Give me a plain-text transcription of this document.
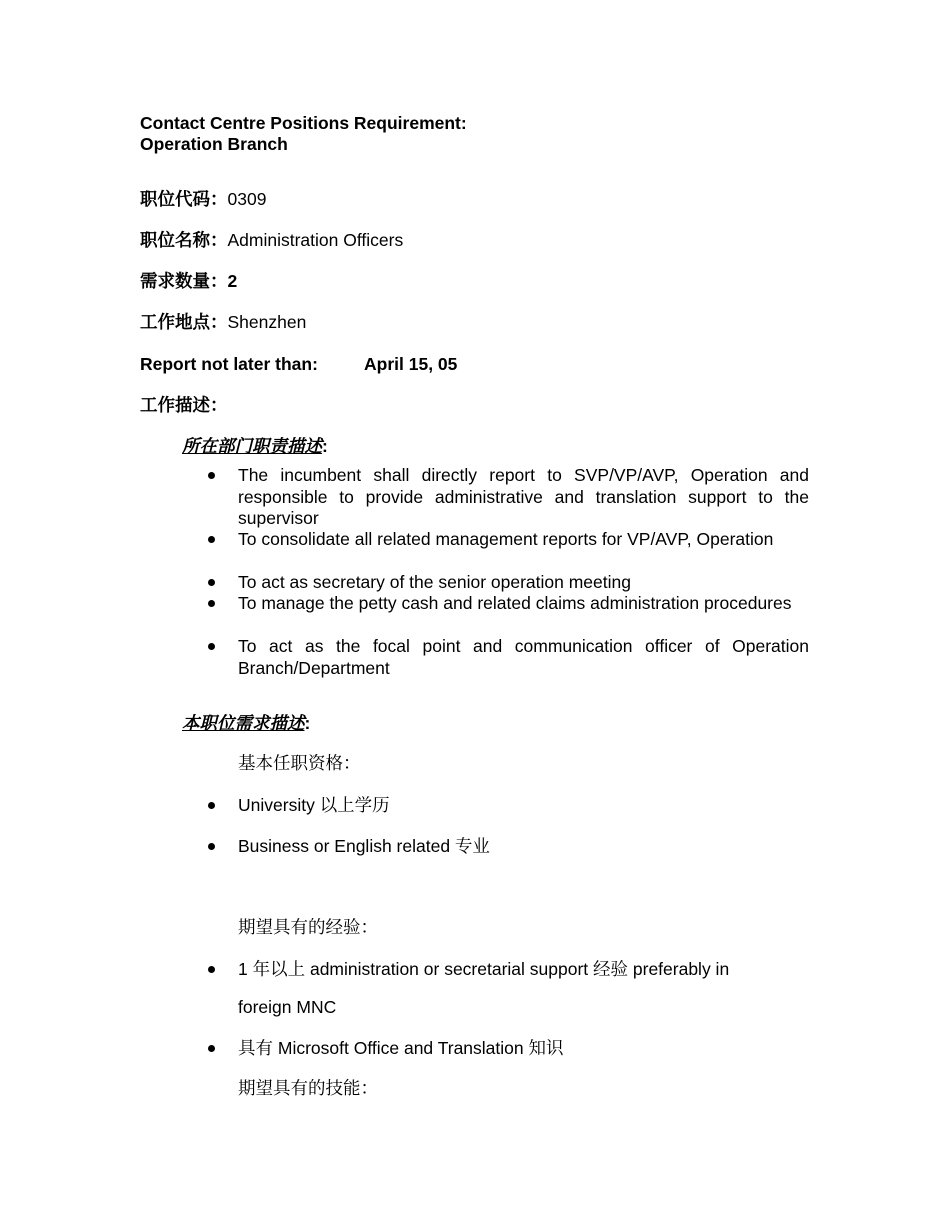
Contact Centre Positions Requirement:
Operation Branch
职位代码：0309
职位名称：Administration Officers
需求数量：2
工作地点：Shenzhen
Report not later than:	April 15, 05
工作描述：
所在部门职责描述:
The incumbent shall directly report to SVP/VP/AVP, Operation and responsible to provide administrative and translation support to the supervisor
To consolidate all related management reports for VP/AVP, Operation
To act as secretary of the senior operation meeting
To manage the petty cash and related claims administration procedures
To act as the focal point and communication officer of Operation Branch/Department
本职位需求描述:
基本任职资格：
University 以上学历
Business or English related 专业
期望具有的经验：
1 年以上 administration or secretarial support 经验 preferably in
foreign MNC
具有 Microsoft Office and Translation 知识
期望具有的技能：
